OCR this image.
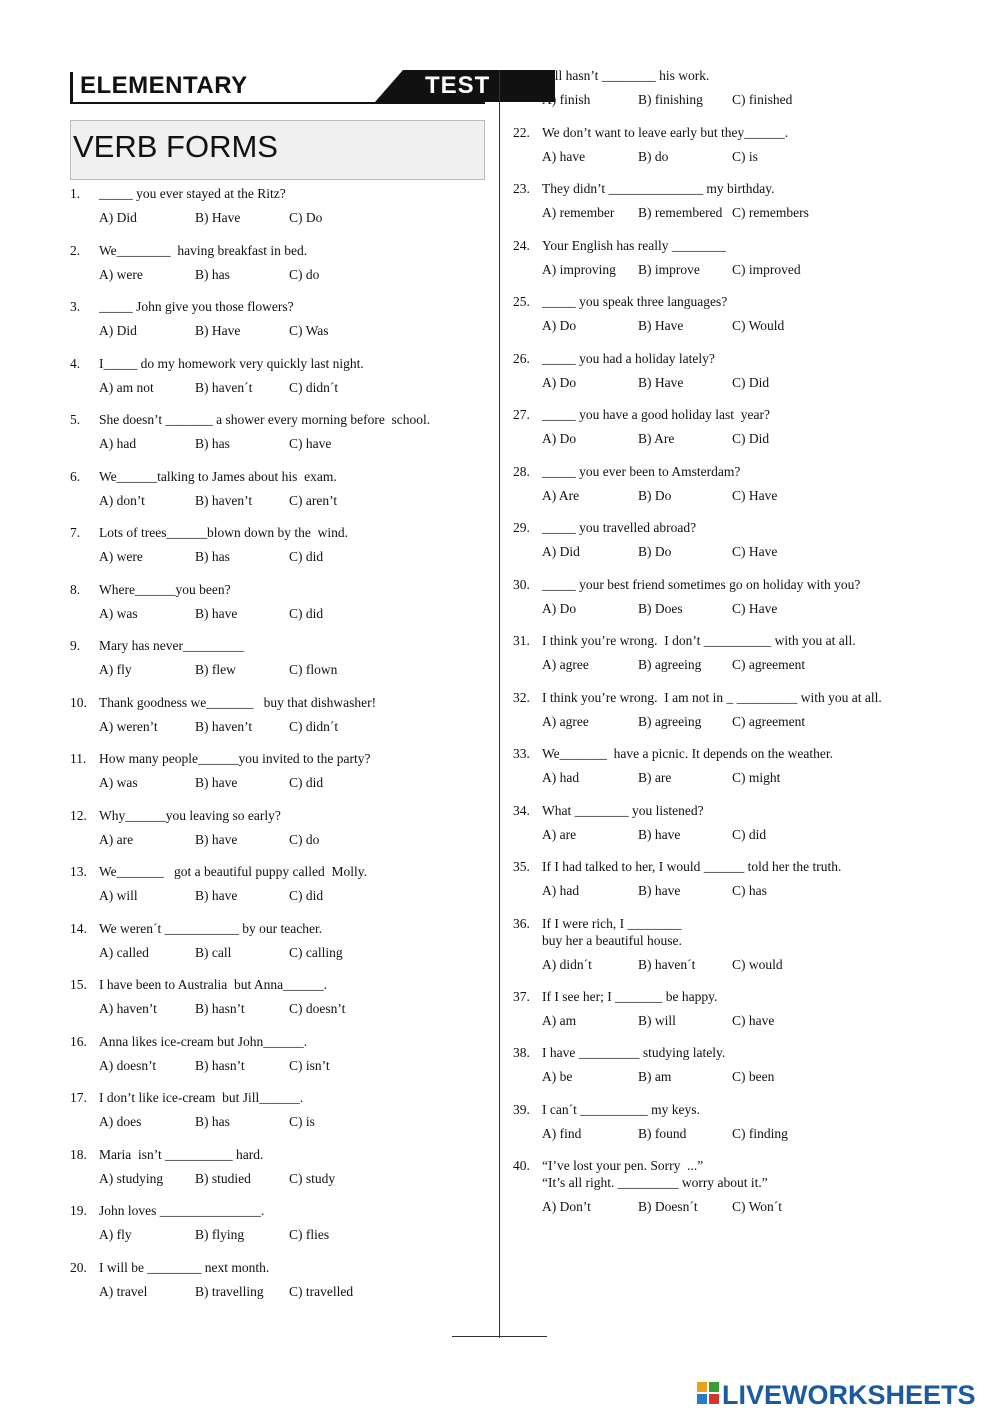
ELEMENTARY	TEST
VERB FORMS
1. _____ you ever stayed at the Ritz?
A) Did	B) Have	C) Do
2. We________  having breakfast in bed.
A) were	B) has	C) do
3. _____ John give you those flowers?
A) Did	B) Have	C) Was
4. I_____ do my homework very quickly last night.
A) am not	B) haven´t	C) didn´t
5. She doesn’t _______ a shower every morning before  school.
A) had	B) has	C) have
6. We______talking to James about his  exam.
A) don’t	B) haven’t	C) aren’t
7. Lots of trees______blown down by the  wind.
A) were	B) has	C) did
8. Where______you been?
A) was	B) have	C) did
9. Mary has never_________
A) fly	B) flew	C) flown
10. Thank goodness we_______   buy that dishwasher!
A) weren’t	B) haven’t	C) didn´t
11. How many people______you invited to the party?
A) was	B) have	C) did
12. Why______you leaving so early?
A) are	B) have	C) do
13. We_______   got a beautiful puppy called  Molly.
A) will	B) have	C) did
14. We weren´t ___________ by our teacher.
A) called	B) call	C) calling
15. I have been to Australia  but Anna______.
A) haven’t	B) hasn’t	C) doesn’t
16. Anna likes ice-cream but John______.
A) doesn’t	B) hasn’t	C) isn’t
17. I don’t like ice-cream  but Jill______.
A) does	B) has	C) is
18. Maria  isn’t __________ hard.
A) studying B) studied	C) study
19. John loves _______________.
A) fly	B) flying	C) flies
20. I will be ________ next month.
A) travel	B) travelling C) travelled
21. Bill hasn’t ________ his work.
A) finish	B) finishing C) finished
22. We don’t want to leave early but they______.
A) have	B) do	C) is
23. They didn’t ______________ my birthday.
A) remember B) remembered C) remembers
24. Your English has really ________
A) improving B) improve C) improved
25. _____ you speak three languages?
A) Do	B) Have	C) Would
26. _____ you had a holiday lately?
A) Do	B) Have	C) Did
27. _____ you have a good holiday last  year?
A) Do	B) Are	C) Did
28. _____ you ever been to Amsterdam?
A) Are	B) Do	C) Have
29. _____ you travelled abroad?
A) Did	B) Do	C) Have
30. _____ your best friend sometimes go on holiday with you?
A) Do	B) Does	C) Have
31. I think you’re wrong.  I don’t __________ with you at all.
A) agree	B) agreeing C) agreement
32. I think you’re wrong.  I am not in _ _________ with you at all.
A) agree	B) agreeing C) agreement
33. We_______  have a picnic. It depends on the weather.
A) had	B) are	C) might
34. What ________ you listened?
A) are	B) have	C) did
35. If I had talked to her, I would ______ told her the truth.
A) had	B) have	C) has
36. If I were rich, I ________
buy her a beautiful house.
A) didn´t	B) haven´t	C) would
37. If I see her; I _______ be happy.
A) am	B) will	C) have
38. I have _________ studying lately.
A) be	B) am	C) been
39. I can´t __________ my keys.
A) find	B) found	C) finding
40. “I’ve lost your pen. Sorry  ...”
“It’s all right. _________ worry about it.”
A) Don’t	B) Doesn´t	C) Won´t
LIVEWORKSHEETS
